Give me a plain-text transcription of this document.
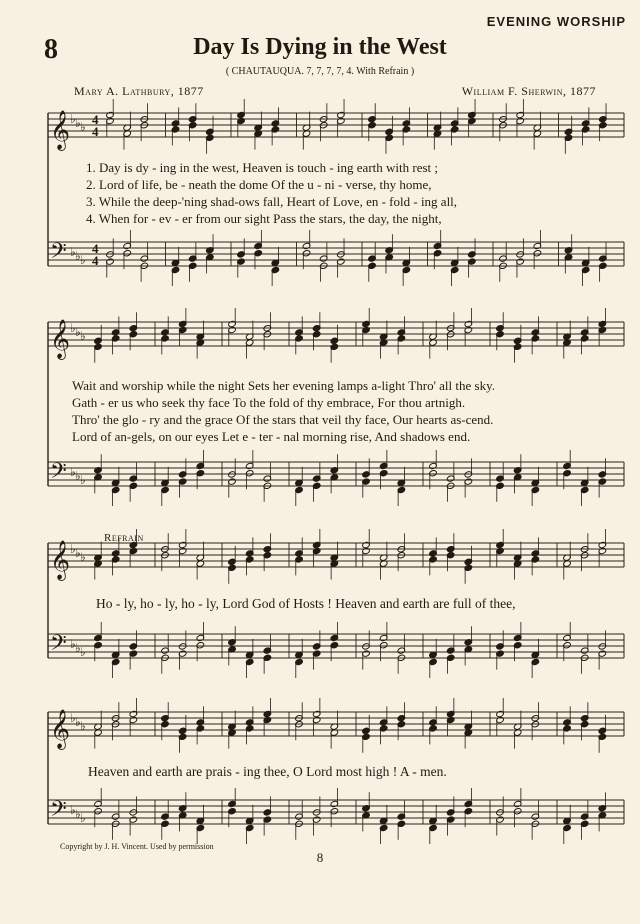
EVENING WORSHIP
8	Day Is Dying in the West
( CHAUTAUQUA. 7, 7, 7, 7, 4. With Refrain )
Mary A. Lathbury, 1877	William F. Sherwin, 1877
𝄞
𝄢
♭
♭
♭
♭
♭
♭
𝄞
𝄢
♭
♭
♭
♭
♭
♭
𝄞
𝄢
♭
♭
♭
♭
♭
♭
𝄞
𝄢
♭
♭
♭
♭
♭
♭
4
4
4
4
1. Day is dy - ing in the west, Heaven is touch - ing earth with rest ;
2. Lord of life, be - neath the dome Of the u - ni - verse, thy home,
3. While the deep-'ning shad-ows fall, Heart of Love, en - fold - ing all,
4. When for - ev - er from our sight Pass the stars, the day, the night,
Wait and worship while the night Sets her evening lamps a-light Thro' all the sky.
Gath - er us who seek thy face To the fold of thy embrace, For thou artnigh.
Thro' the glo - ry and the grace Of the stars that veil thy face, Our hearts as-cend.
Lord of an-gels, on our eyes Let e - ter - nal morning rise, And shadows end.
Refrain
Ho - ly, ho - ly, ho - ly, Lord God of Hosts ! Heaven and earth are full of thee,
Heaven and earth are prais - ing thee, O Lord most high ! A - men.
Copyright by J. H. Vincent. Used by permission
8
